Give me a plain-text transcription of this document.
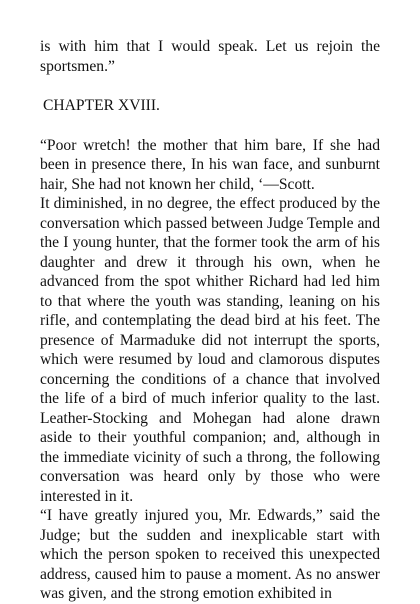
is with him that I would speak. Let us rejoin the sportsmen.”

CHAPTER XVIII.

“Poor wretch! the mother that him bare, If she had been in presence there, In his wan face, and sunburnt hair, She had not known her child, ‘—Scott.

It diminished, in no degree, the effect produced by the conversation which passed between Judge Temple and the I young hunter, that the former took the arm of his daughter and drew it through his own, when he advanced from the spot whither Richard had led him to that where the youth was standing, leaning on his rifle, and contemplating the dead bird at his feet. The presence of Marmaduke did not interrupt the sports, which were resumed by loud and clamorous disputes concerning the conditions of a chance that involved the life of a bird of much inferior quality to the last. Leather-Stocking and Mohegan had alone drawn aside to their youthful companion; and, although in the immediate vicinity of such a throng, the following conversation was heard only by those who were interested in it.

“I have greatly injured you, Mr. Edwards,” said the Judge; but the sudden and inexplicable start with which the person spoken to received this unexpected address, caused him to pause a moment. As no answer was given, and the strong emotion exhibited in
